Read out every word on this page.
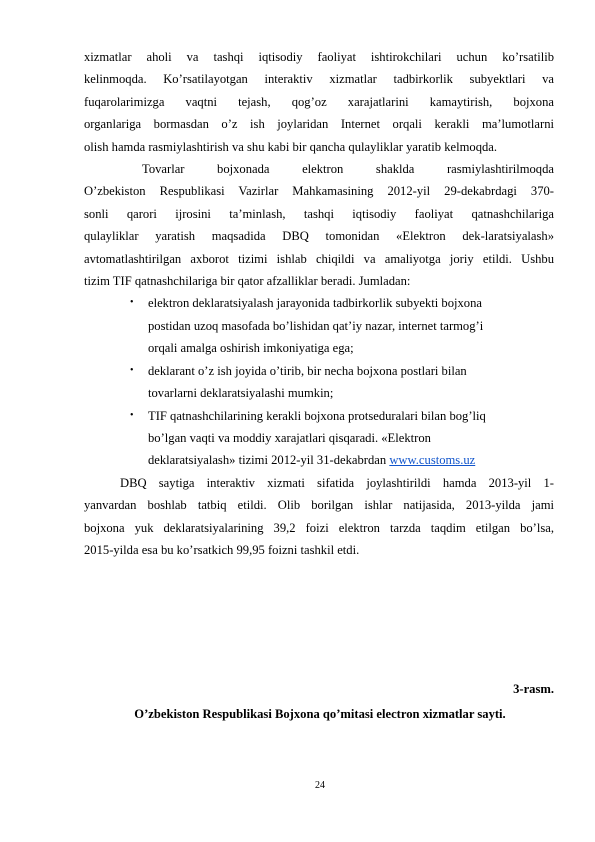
xizmatlar aholi va tashqi iqtisodiy faoliyat ishtirokchilari uchun ko’rsatilib
kelinmoqda. Ko’rsatilayotgan interaktiv xizmatlar tadbirkorlik subyektlari va
fuqarolarimizga vaqtni tejash, qog’oz xarajatlarini kamaytirish, bojxona
organlariga bormasdan o’z ish joylaridan Internet orqali kerakli ma’lumotlarni
olish hamda rasmiylashtirish va shu kabi bir qancha qulayliklar yaratib kelmoqda.

Tovarlar bojxonada elektron shaklda rasmiylashtirilmoqda
O’zbekiston Respublikasi Vazirlar Mahkamasining 2012-yil 29-dekabrdagi 370-
sonli qarori ijrosini ta’minlash, tashqi iqtisodiy faoliyat qatnashchilariga
qulayliklar yaratish maqsadida DBQ tomonidan «Elektron dek-laratsiyalash»
avtomatlashtirilgan axborot tizimi ishlab chiqildi va amaliyotga joriy etildi. Ushbu
tizim TIF qatnashchilariga bir qator afzalliklar beradi. Jumladan:

• elektron deklaratsiyalash jarayonida tadbirkorlik subyekti bojxona
postidan uzoq masofada bo’lishidan qat’iy nazar, internet tarmog’i
orqali amalga oshirish imkoniyatiga ega;
• deklarant o’z ish joyida o’tirib, bir necha bojxona postlari bilan
tovarlarni deklaratsiyalashi mumkin;
• TIF qatnashchilarining kerakli bojxona protseduralari bilan bog’liq
bo’lgan vaqti va moddiy xarajatlari qisqaradi. «Elektron
deklaratsiyalash» tizimi 2012-yil 31-dekabrdan www.customs.uz

DBQ saytiga interaktiv xizmati sifatida joylashtirildi hamda 2013-yil 1-
yanvardan boshlab tatbiq etildi. Olib borilgan ishlar natijasida, 2013-yilda jami
bojxona yuk deklaratsiyalarining 39,2 foizi elektron tarzda taqdim etilgan bo’lsa,
2015-yilda esa bu ko’rsatkich 99,95 foizni tashkil etdi.

3-rasm.
O’zbekiston Respublikasi Bojxona qo’mitasi electron xizmatlar sayti.
24
